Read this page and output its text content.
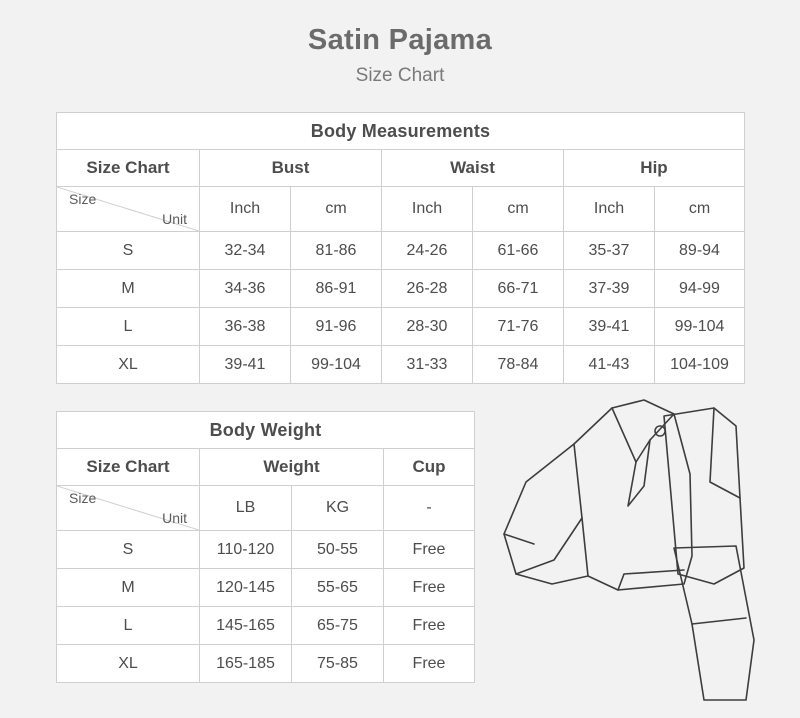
Satin Pajama
Size Chart
Body Measurements						
Size Chart	Bust		Waist		Hip	

Size
Unit	Inch	cm	Inch	cm	Inch	cm
S	32-34	81-86	24-26	61-66	35-37	89-94
M	34-36	86-91	26-28	66-71	37-39	94-99
L	36-38	91-96	28-30	71-76	39-41	99-104
XL	39-41	99-104	31-33	78-84	41-43	104-109
Body Weight			
Size Chart	Weight		Cup

Size
Unit	LB	KG	-
S	110-120	50-55	Free
M	120-145	55-65	Free
L	145-165	65-75	Free
XL	165-185	75-85	Free
